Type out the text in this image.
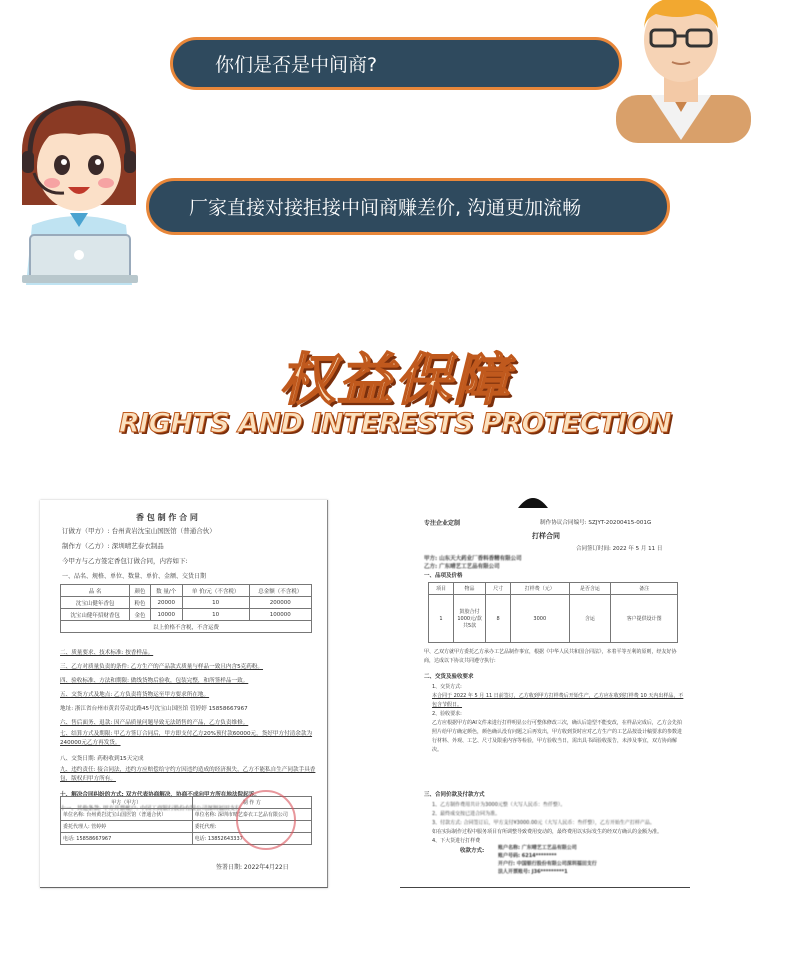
你们是否是中间商?
厂家直接对接拒接中间商赚差价, 沟通更加流畅
权益保障
RIGHTS AND INTERESTS PROTECTION
香 包 制 作 合 同
订做方（甲方）: 台州黄岩沈宝山国医馆（普通合伙）
制作方（乙方）: 深圳晴艺泰衣制品
今甲方与乙方签定香包订做合同，内容如下:
一、品名、规格、单位、数量、单价、金额、交货日期
品 名	颜色	数 量/个	单 价/元（不含税）	总金额（不含税）
沈宝山健年香包	粉色	20000	10	200000
沈宝山健年招财香包	金色	10000	10	100000
以上价格不含税，不含运费				
二、质量要求、技术标准: 按香样品。
三、乙方对质量负责的条件: 乙方生产的产品款式质量与样品一致且内含5克药粉。
四、验收标准、方法和期限: 做线货物后验收，包装完整，和所签样品一致。
五、交货方式及地点: 乙方负责将货物运至甲方要求所在地。
地址: 浙江省台州市黄岩劳动北路45号沈宝山国医馆 管婷婷 15858667967
六、售后面务、退款: 因产品质量问题导致无法销售的产品，乙方负责维修。
七、结算方式及期限: 甲乙方签订合同后，甲方即支付乙方20%预付款60000元，货好甲方付清余款为240000元乙方再发货。
八、交货日期: 药粉收到15天完成
九、违约责任: 接合同法，违约方应赔偿给守约方因违约造成的经济损失，乙方不能私自生产同款手具香包，版权归甲方所有。
十、解决合同纠纷的方式: 双方代表协商解决，协商不成向甲方所在地法院起诉。
十一、其他条款: 甲方开票帐户: 中国工商银行股份有限公司深圳福田支行
甲方（甲方）	制 作 方
单位名称: 台州黄岩沈宝山国医馆（普通合伙）	单位名称: 深圳市晴艺泰衣工艺品有限公司
委托代理人: 管婷婷	委托代理:
电话: 15858667967	电话: 13852643337
签署日期: 2022年4月22日
专注企业定制	制作协议合同编号: SZJYT-20200415-001G
打样合同
合同签订时间: 2022 年 5 月 11 日
甲方: 山东天大药业厂香料香精有限公司
乙方: 广东晴艺工艺品有限公司
一、品项及价格
项目	物品	尺寸	打样费（元）	是否含运	备注
1	鼓胶合付1000元/款共5款	8	3000	含运	客户提供设计图
甲、乙双方就甲方委托乙方承办工艺品制作事宜，根据《中华人民共和国合同法》，本着平等互利的原则，经友好协商，达成以下协议共同遵守执行:
二、交货及验收要求
1、交货方式:
本合同于 2022 年 5 月 11 日前签订，乙方收到甲方打样费后开始生产，乙方应在收到打样费 10 天内出样品，不包含节假日。
2、验收要求:
乙方应根据甲方的AI文件来进行打样明显公行可整体修改三次，确认后造型不能变改，在样品完成后，乙方会先拍照片给甲方确定颜色，颜色确认没有问题之后再发出，甲方收到货时应对乙方生产的工艺品按设计稿要求的参数进行材料、外观、工艺、尺寸及限重内容等检验，甲方验收当日，需出具书面验收报告，未涉及事宜，双方协商解决。
三、合同价款及付款方式
1、乙方制作费用共计为3000元整（大写人民币：叁仟整）。
2、最终成交按已进合同为准。
3、付款方式: 合同签订后，甲方支付¥3000.00元（大写人民币：叁仟整），乙方开始生产打样产品。
如在实际制作过程中服务项目有所调整导致费用变动的，最终费用以实际发生的经双方确认的金额为准。
4、下大货进行打样费
收款方式:	账户名称: 广东晴艺工艺品有限公司
账户号码: 6214********
开户行: 中国银行股份有限公司深圳福田支行
法人开票账号: J36*********1
